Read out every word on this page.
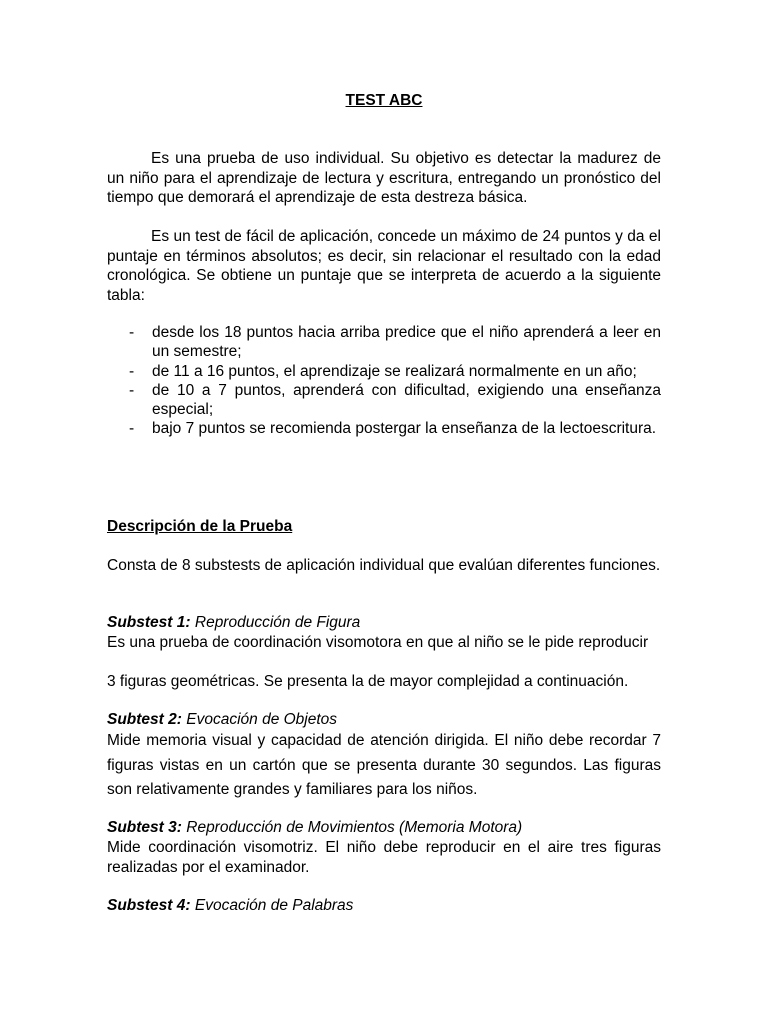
TEST ABC
Es una prueba de uso individual. Su objetivo es detectar la madurez de un niño para el aprendizaje de lectura y escritura, entregando un pronóstico del tiempo que demorará el aprendizaje de esta destreza básica.
Es un test de fácil de aplicación, concede un máximo de 24 puntos y da el puntaje en términos absolutos; es decir, sin relacionar el resultado con la edad cronológica. Se obtiene un puntaje que se interpreta de acuerdo a la siguiente tabla:
- desde los 18 puntos hacia arriba predice que el niño aprenderá a leer en un semestre;
- de 11 a 16 puntos, el aprendizaje se realizará normalmente en un año;
- de 10 a 7 puntos, aprenderá con dificultad, exigiendo una enseñanza especial;
- bajo 7 puntos se recomienda postergar la enseñanza de la lectoescritura.
Descripción de la Prueba
Consta de 8 substests de aplicación individual que evalúan diferentes funciones.
Substest 1: Reproducción de Figura
Es una prueba de coordinación visomotora en que al niño se le pide reproducir
3 figuras geométricas. Se presenta la de mayor complejidad a continuación.
Subtest 2: Evocación de Objetos
Mide memoria visual y capacidad de atención dirigida. El niño debe recordar 7 figuras vistas en un cartón que se presenta durante 30 segundos. Las figuras son relativamente grandes y familiares para los niños.
Subtest 3: Reproducción de Movimientos (Memoria Motora)
Mide coordinación visomotriz. El niño debe reproducir en el aire tres figuras realizadas por el examinador.
Substest 4: Evocación de Palabras
